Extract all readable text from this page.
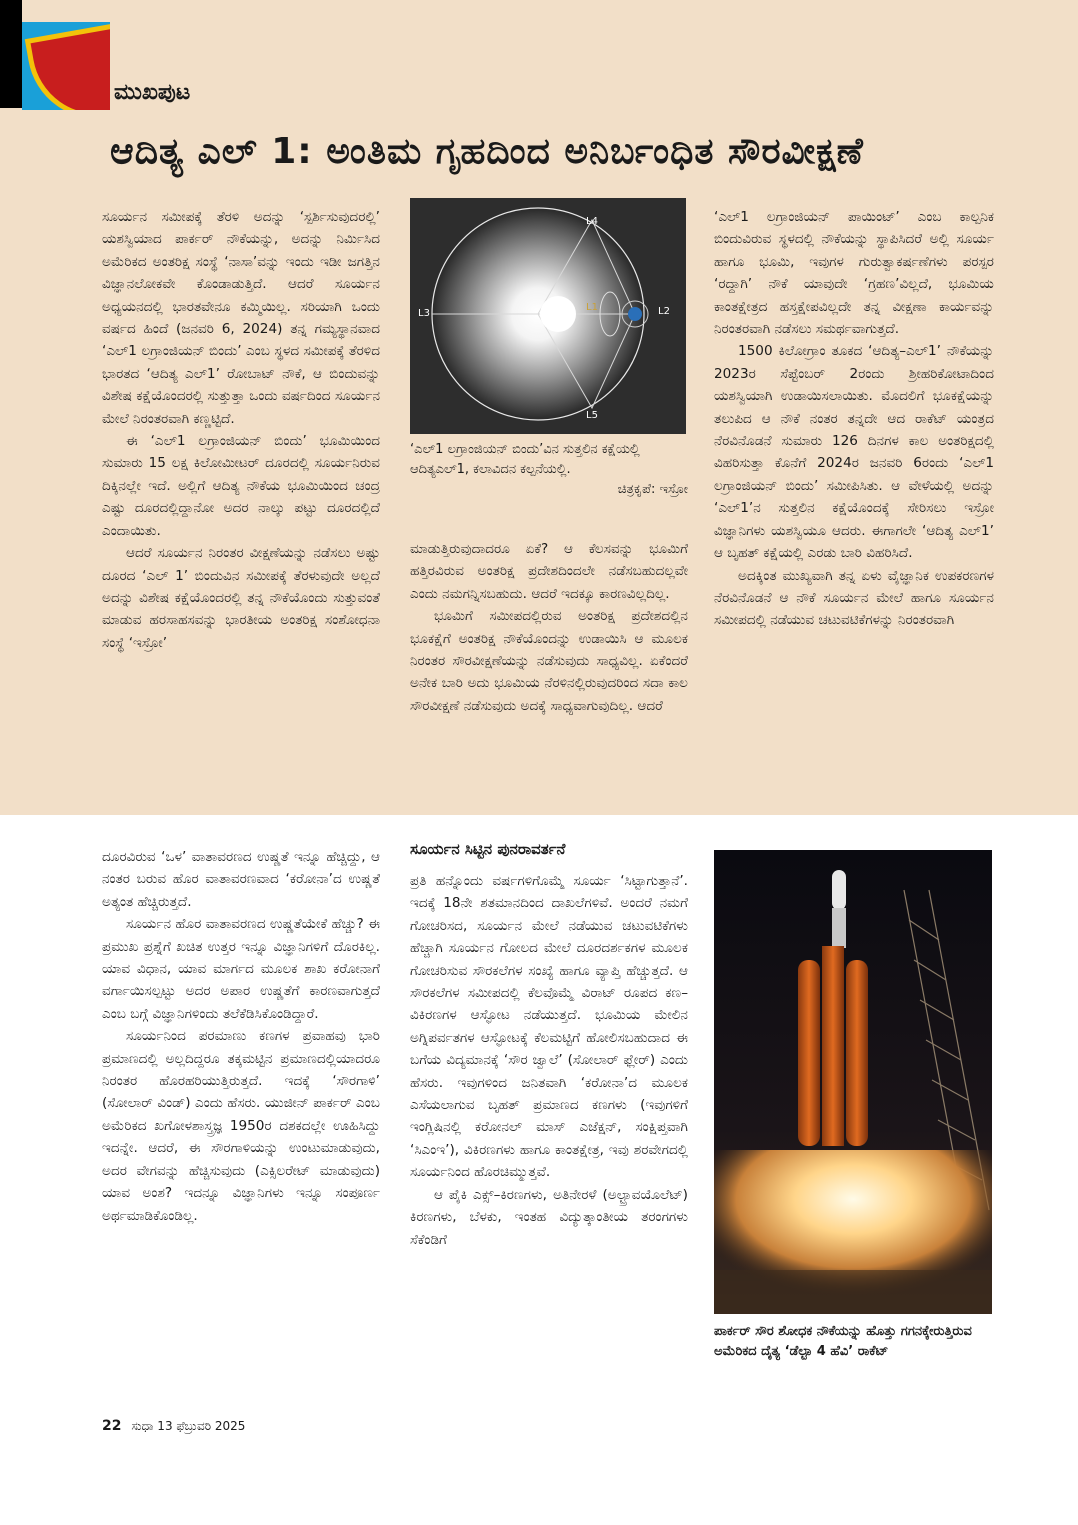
ಮುಖಪುಟ
ಆದಿತ್ಯ ಎಲ್ 1: ಅಂತಿಮ ಗೃಹದಿಂದ ಅನಿರ್ಬಂಧಿತ ಸೌರವೀಕ್ಷಣೆ

ಸೂರ್ಯನ ಸಮೀಪಕ್ಕೆ ತೆರಳಿ ಅದನ್ನು ‘ಸ್ಪರ್ಶಿಸುವುದರಲ್ಲಿ’ ಯಶಸ್ವಿಯಾದ ಪಾರ್ಕರ್ ನೌಕೆಯನ್ನು, ಅದನ್ನು ನಿರ್ಮಿಸಿದ ಅಮೆರಿಕದ ಅಂತರಿಕ್ಷ ಸಂಸ್ಥೆ ‘ನಾಸಾ’ವನ್ನು ಇಂದು ಇಡೀ ಜಗತ್ತಿನ ವಿಜ್ಞಾನಲೋಕವೇ ಕೊಂಡಾಡುತ್ತಿದೆ. ಆದರೆ ಸೂರ್ಯನ ಅಧ್ಯಯನದಲ್ಲಿ ಭಾರತವೇನೂ ಕಮ್ಮಿಯಿಲ್ಲ. ಸರಿಯಾಗಿ ಒಂದು ವರ್ಷದ ಹಿಂದೆ (ಜನವರಿ 6, 2024) ತನ್ನ ಗಮ್ಯಸ್ಥಾನವಾದ ‘ಎಲ್1 ಲಗ್ರಾಂಜಿಯನ್ ಬಿಂದು’ ಎಂಬ ಸ್ಥಳದ ಸಮೀಪಕ್ಕೆ ತೆರಳಿದ ಭಾರತದ ‘ಆದಿತ್ಯ ಎಲ್1’ ರೋಬಾಟ್ ನೌಕೆ, ಆ ಬಿಂದುವನ್ನು ವಿಶೇಷ ಕಕ್ಷೆಯೊಂದರಲ್ಲಿ ಸುತ್ತುತ್ತಾ ಒಂದು ವರ್ಷದಿಂದ ಸೂರ್ಯನ ಮೇಲೆ ನಿರಂತರವಾಗಿ ಕಣ್ಣಟ್ಟಿದೆ.

ಈ ‘ಎಲ್1 ಲಗ್ರಾಂಜಿಯನ್ ಬಿಂದು’ ಭೂಮಿಯಿಂದ ಸುಮಾರು 15 ಲಕ್ಷ ಕಿಲೋಮೀಟರ್ ದೂರದಲ್ಲಿ ಸೂರ್ಯನಿರುವ ದಿಕ್ಕಿನಲ್ಲೇ ಇದೆ. ಅಲ್ಲಿಗೆ ಆದಿತ್ಯ ನೌಕೆಯ ಭೂಮಿಯಿಂದ ಚಂದ್ರ ಎಷ್ಟು ದೂರದಲ್ಲಿದ್ದಾನೋ ಅದರ ನಾಲ್ಕು ಪಟ್ಟು ದೂರದಲ್ಲಿದೆ ಎಂದಾಯಿತು.

ಆದರೆ ಸೂರ್ಯನ ನಿರಂತರ ವೀಕ್ಷಣೆಯನ್ನು ನಡೆಸಲು ಅಷ್ಟು ದೂರದ ‘ಎಲ್ 1’ ಬಿಂದುವಿನ ಸಮೀಪಕ್ಕೆ ತೆರಳುವುದೇ ಅಲ್ಲದೆ ಅದನ್ನು ವಿಶೇಷ ಕಕ್ಷೆಯೊಂದರಲ್ಲಿ ತನ್ನ ನೌಕೆಯೊಂದು ಸುತ್ತುವಂತೆ ಮಾಡುವ ಹರಸಾಹಸವನ್ನು ಭಾರತೀಯ ಅಂತರಿಕ್ಷ ಸಂಶೋಧನಾ ಸಂಸ್ಥೆ ‘ಇಸ್ರೋ’

L1	L2
L3
L4
L5
‘ಎಲ್1 ಲಗ್ರಾಂಜಿಯನ್ ಬಿಂದು’ವಿನ ಸುತ್ತಲಿನ ಕಕ್ಷೆಯಲ್ಲಿ ಆದಿತ್ಯಎಲ್1, ಕಲಾವಿದನ ಕಲ್ಪನೆಯಲ್ಲಿ.
ಚಿತ್ರಕೃಪೆ: ಇಸ್ರೋ

ಮಾಡುತ್ತಿರುವುದಾದರೂ ಏಕೆ? ಆ ಕೆಲಸವನ್ನು ಭೂಮಿಗೆ ಹತ್ತಿರವಿರುವ ಅಂತರಿಕ್ಷ ಪ್ರದೇಶದಿಂದಲೇ ನಡೆಸಬಹುದಲ್ಲವೇ ಎಂದು ನಮಗನ್ನಿಸಬಹುದು. ಆದರೆ ಇದಕ್ಕೂ ಕಾರಣವಿಲ್ಲದಿಲ್ಲ.

ಭೂಮಿಗೆ ಸಮೀಪದಲ್ಲಿರುವ ಅಂತರಿಕ್ಷ ಪ್ರದೇಶದಲ್ಲಿನ ಭೂಕಕ್ಷೆಗೆ ಅಂತರಿಕ್ಷ ನೌಕೆಯೊಂದನ್ನು ಉಡಾಯಿಸಿ ಆ ಮೂಲಕ ನಿರಂತರ ಸೌರವೀಕ್ಷಣೆಯನ್ನು ನಡೆಸುವುದು ಸಾಧ್ಯವಿಲ್ಲ. ಏಕೆಂದರೆ ಅನೇಕ ಬಾರಿ ಅದು ಭೂಮಿಯ ನೆರಳಿನಲ್ಲಿರುವುದರಿಂದ ಸದಾ ಕಾಲ ಸೌರವೀಕ್ಷಣೆ ನಡೆಸುವುದು ಅದಕ್ಕೆ ಸಾಧ್ಯವಾಗುವುದಿಲ್ಲ. ಆದರೆ

‘ಎಲ್1 ಲಗ್ರಾಂಜಿಯನ್ ಪಾಯಿಂಟ್’ ಎಂಬ ಕಾಲ್ಪನಿಕ ಬಿಂದುವಿರುವ ಸ್ಥಳದಲ್ಲಿ ನೌಕೆಯನ್ನು ಸ್ಥಾಪಿಸಿದರೆ ಅಲ್ಲಿ ಸೂರ್ಯ ಹಾಗೂ ಭೂಮಿ, ಇವುಗಳ ಗುರುತ್ವಾಕರ್ಷಣೆಗಳು ಪರಸ್ಪರ ‘ರದ್ದಾಗಿ’ ನೌಕೆ ಯಾವುದೇ ‘ಗ್ರಹಣ’ವಿಲ್ಲದೆ, ಭೂಮಿಯ ಕಾಂತಕ್ಷೇತ್ರದ ಹಸ್ತಕ್ಷೇಪವಿಲ್ಲದೇ ತನ್ನ ವೀಕ್ಷಣಾ ಕಾರ್ಯವನ್ನು ನಿರಂತರವಾಗಿ ನಡೆಸಲು ಸಮರ್ಥವಾಗುತ್ತದೆ.

1500 ಕಿಲೋಗ್ರಾಂ ತೂಕದ ‘ಆದಿತ್ಯ–ಎಲ್1’ ನೌಕೆಯನ್ನು 2023ರ ಸೆಪ್ಟೆಂಬರ್ 2ರಂದು ಶ್ರೀಹರಿಕೋಟಾದಿಂದ ಯಶಸ್ವಿಯಾಗಿ ಉಡಾಯಿಸಲಾಯಿತು. ಮೊದಲಿಗೆ ಭೂಕಕ್ಷೆಯನ್ನು ತಲುಪಿದ ಆ ನೌಕೆ ನಂತರ ತನ್ನದೇ ಆದ ರಾಕೆಟ್ ಯಂತ್ರದ ನೆರವಿನೊಡನೆ ಸುಮಾರು 126 ದಿನಗಳ ಕಾಲ ಅಂತರಿಕ್ಷದಲ್ಲಿ ವಿಹರಿಸುತ್ತಾ ಕೊನೆಗೆ 2024ರ ಜನವರಿ 6ರಂದು ‘ಎಲ್1 ಲಗ್ರಾಂಜಿಯನ್ ಬಿಂದು’ ಸಮೀಪಿಸಿತು. ಆ ವೇಳೆಯಲ್ಲಿ ಅದನ್ನು ‘ಎಲ್1’ನ ಸುತ್ತಲಿನ ಕಕ್ಷೆಯೊಂದಕ್ಕೆ ಸೇರಿಸಲು ಇಸ್ರೋ ವಿಜ್ಞಾನಿಗಳು ಯಶಸ್ವಿಯೂ ಆದರು. ಈಗಾಗಲೇ ‘ಆದಿತ್ಯ ಎಲ್1’ ಆ ಬೃಹತ್ ಕಕ್ಷೆಯಲ್ಲಿ ಎರಡು ಬಾರಿ ವಿಹರಿಸಿದೆ.

ಅದಕ್ಕಿಂತ ಮುಖ್ಯವಾಗಿ ತನ್ನ ಏಳು ವೈಜ್ಞಾನಿಕ ಉಪಕರಣಗಳ ನೆರವಿನೊಡನೆ ಆ ನೌಕೆ ಸೂರ್ಯನ ಮೇಲೆ ಹಾಗೂ ಸೂರ್ಯನ ಸಮೀಪದಲ್ಲಿ ನಡೆಯುವ ಚಟುವಟಿಕೆಗಳನ್ನು ನಿರಂತರವಾಗಿ

ದೂರವಿರುವ ‘ಒಳ’ ವಾತಾವರಣದ ಉಷ್ಣತೆ ಇನ್ನೂ ಹೆಚ್ಚಿದ್ದು, ಆ ನಂತರ ಬರುವ ಹೊರ ವಾತಾವರಣವಾದ ‘ಕರೋನಾ’ದ ಉಷ್ಣತೆ ಅತ್ಯಂತ ಹೆಚ್ಚಿರುತ್ತದೆ.

ಸೂರ್ಯನ ಹೊರ ವಾತಾವರಣದ ಉಷ್ಣತೆಯೇಕೆ ಹೆಚ್ಚು? ಈ ಪ್ರಮುಖ ಪ್ರಶ್ನೆಗೆ ಖಚಿತ ಉತ್ತರ ಇನ್ನೂ ವಿಜ್ಞಾನಿಗಳಿಗೆ ದೊರಕಿಲ್ಲ. ಯಾವ ವಿಧಾನ, ಯಾವ ಮಾರ್ಗದ ಮೂಲಕ ಶಾಖ ಕರೋನಾಗೆ ವರ್ಗಾಯಿಸಲ್ಪಟ್ಟು ಅದರ ಅಪಾರ ಉಷ್ಣತೆಗೆ ಕಾರಣವಾಗುತ್ತದೆ ಎಂಬ ಬಗ್ಗೆ ವಿಜ್ಞಾನಿಗಳಿಂದು ತಲೆಕೆಡಿಸಿಕೊಂಡಿದ್ದಾರೆ.

ಸೂರ್ಯನಿಂದ ಪರಮಾಣು ಕಣಗಳ ಪ್ರವಾಹವು ಭಾರಿ ಪ್ರಮಾಣದಲ್ಲಿ ಅಲ್ಲದಿದ್ದರೂ ತಕ್ಕಮಟ್ಟಿನ ಪ್ರಮಾಣದಲ್ಲಿಯಾದರೂ ನಿರಂತರ ಹೊರಹರಿಯುತ್ತಿರುತ್ತದೆ. ಇದಕ್ಕೆ ‘ಸೌರಗಾಳಿ’ (ಸೋಲಾರ್ ವಿಂಡ್) ಎಂದು ಹೆಸರು. ಯುಜೀನ್ ಪಾರ್ಕರ್ ಎಂಬ ಅಮೆರಿಕದ ಖಗೋಳಶಾಸ್ತ್ರಜ್ಞ 1950ರ ದಶಕದಲ್ಲೇ ಊಹಿಸಿದ್ದು ಇದನ್ನೇ. ಆದರೆ, ಈ ಸೌರಗಾಳಿಯನ್ನು ಉಂಟುಮಾಡುವುದು, ಅದರ ವೇಗವನ್ನು ಹೆಚ್ಚಿಸುವುದು (ಎಕ್ಸಿಲರೇಟ್ ಮಾಡುವುದು) ಯಾವ ಅಂಶ? ಇದನ್ನೂ ವಿಜ್ಞಾನಿಗಳು ಇನ್ನೂ ಸಂಪೂರ್ಣ ಅರ್ಥಮಾಡಿಕೊಂಡಿಲ್ಲ.

ಸೂರ್ಯನ ಸಿಟ್ಟಿನ ಪುನರಾವರ್ತನೆ

ಪ್ರತಿ ಹನ್ನೊಂದು ವರ್ಷಗಳಿಗೊಮ್ಮೆ ಸೂರ್ಯ ‘ಸಿಟ್ಟಾಗುತ್ತಾನೆ’. ಇದಕ್ಕೆ 18ನೇ ಶತಮಾನದಿಂದ ದಾಖಲೆಗಳಿವೆ. ಅಂದರೆ ನಮಗೆ ಗೋಚರಿಸದ, ಸೂರ್ಯನ ಮೇಲೆ ನಡೆಯುವ ಚಟುವಟಿಕೆಗಳು ಹೆಚ್ಚಾಗಿ ಸೂರ್ಯನ ಗೋಲದ ಮೇಲೆ ದೂರದರ್ಶಕಗಳ ಮೂಲಕ ಗೋಚರಿಸುವ ಸೌರಕಲೆಗಳ ಸಂಖ್ಯೆ ಹಾಗೂ ವ್ಯಾಪ್ತಿ ಹೆಚ್ಚುತ್ತದೆ. ಆ ಸೌರಕಲೆಗಳ ಸಮೀಪದಲ್ಲಿ ಕೆಲವೊಮ್ಮೆ ವಿರಾಟ್ ರೂಪದ ಕಣ–ವಿಕಿರಣಗಳ ಆಸ್ಫೋಟ ನಡೆಯುತ್ತದೆ. ಭೂಮಿಯ ಮೇಲಿನ ಅಗ್ನಿಪರ್ವತಗಳ ಆಸ್ಫೋಟಕ್ಕೆ ಕೆಲಮಟ್ಟಿಗೆ ಹೋಲಿಸಬಹುದಾದ ಈ ಬಗೆಯ ವಿದ್ಯಮಾನಕ್ಕೆ ‘ಸೌರ ಜ್ವಾಲೆ’ (ಸೋಲಾರ್ ಫ್ಲೇರ್) ಎಂದು ಹೆಸರು. ಇವುಗಳಿಂದ ಜನಿತವಾಗಿ ‘ಕರೋನಾ’ದ ಮೂಲಕ ಎಸೆಯಲಾಗುವ ಬೃಹತ್ ಪ್ರಮಾಣದ ಕಣಗಳು (ಇವುಗಳಿಗೆ ಇಂಗ್ಲಿಷಿನಲ್ಲಿ ಕರೋನಲ್ ಮಾಸ್ ಎಜೆಕ್ಷನ್, ಸಂಕ್ಷಿಪ್ತವಾಗಿ ‘ಸಿಎಂಇ’), ವಿಕಿರಣಗಳು ಹಾಗೂ ಕಾಂತಕ್ಷೇತ್ರ, ಇವು ಶರವೇಗದಲ್ಲಿ ಸೂರ್ಯನಿಂದ ಹೊರಚಿಮ್ಮುತ್ತವೆ.

ಆ ಪೈಕಿ ಎಕ್ಸ್–ಕಿರಣಗಳು, ಅತಿನೇರಳೆ (ಅಲ್ಟ್ರಾವಯೊಲೆಟ್) ಕಿರಣಗಳು, ಬೆಳಕು, ಇಂತಹ ವಿದ್ಯುತ್ಕಾಂತೀಯ ತರಂಗಗಳು ಸೆಕೆಂಡಿಗೆ

ಪಾರ್ಕರ್ ಸೌರ ಶೋಧಕ ನೌಕೆಯನ್ನು ಹೊತ್ತು ಗಗನಕ್ಕೇರುತ್ತಿರುವ ಅಮೆರಿಕದ ದೈತ್ಯ ‘ಡೆಲ್ಟಾ 4 ಹೆವಿ’ ರಾಕೆಟ್
22 ಸುಧಾ 13 ಫೆಬ್ರುವರಿ 2025
